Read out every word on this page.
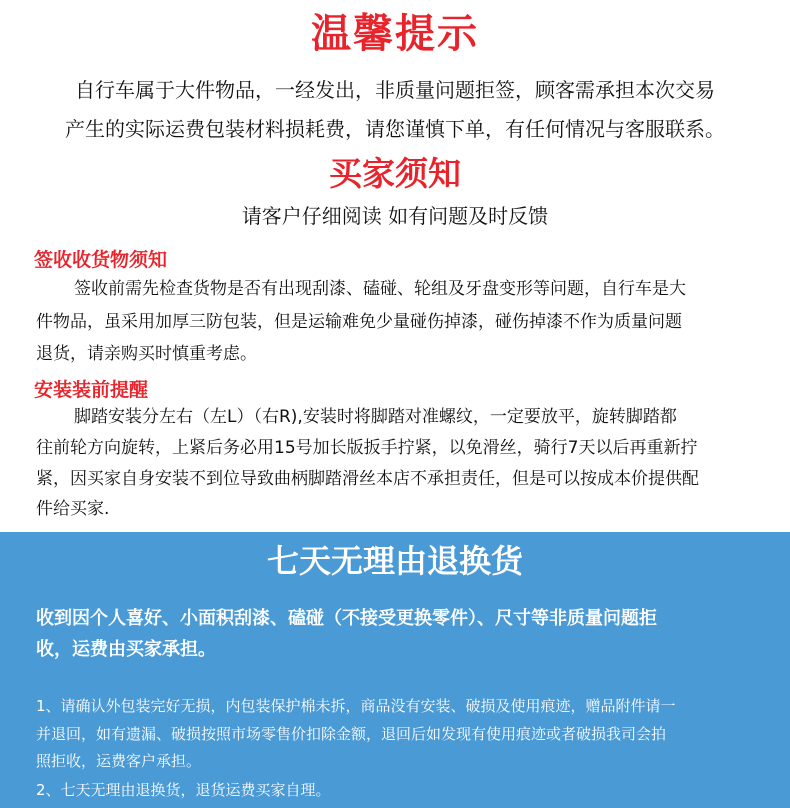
温馨提示
自行车属于大件物品，一经发出，非质量问题拒签，顾客需承担本次交易
产生的实际运费包装材料损耗费，请您谨慎下单，有任何情况与客服联系。
买家须知
请客户仔细阅读 如有问题及时反馈
签收收货物须知
签收前需先检查货物是否有出现刮漆、磕碰、轮组及牙盘变形等问题，自行车是大
件物品，虽采用加厚三防包装，但是运输难免少量碰伤掉漆，碰伤掉漆不作为质量问题
退货，请亲购买时慎重考虑。
安装装前提醒
脚踏安装分左右（左L）（右R),安装时将脚踏对准螺纹，一定要放平，旋转脚踏都
往前轮方向旋转，上紧后务必用15号加长版扳手拧紧，以免滑丝，骑行7天以后再重新拧
紧，因买家自身安装不到位导致曲柄脚踏滑丝本店不承担责任，但是可以按成本价提供配
件给买家.
七天无理由退换货
收到因个人喜好、小面积刮漆、磕碰（不接受更换零件）、尺寸等非质量问题拒
收，运费由买家承担。
1、请确认外包装完好无损，内包装保护棉未拆，商品没有安装、破损及使用痕迹，赠品附件请一
并退回，如有遗漏、破损按照市场零售价扣除金额，退回后如发现有使用痕迹或者破损我司会拍
照拒收，运费客户承担。
2、七天无理由退换货，退货运费买家自理。
